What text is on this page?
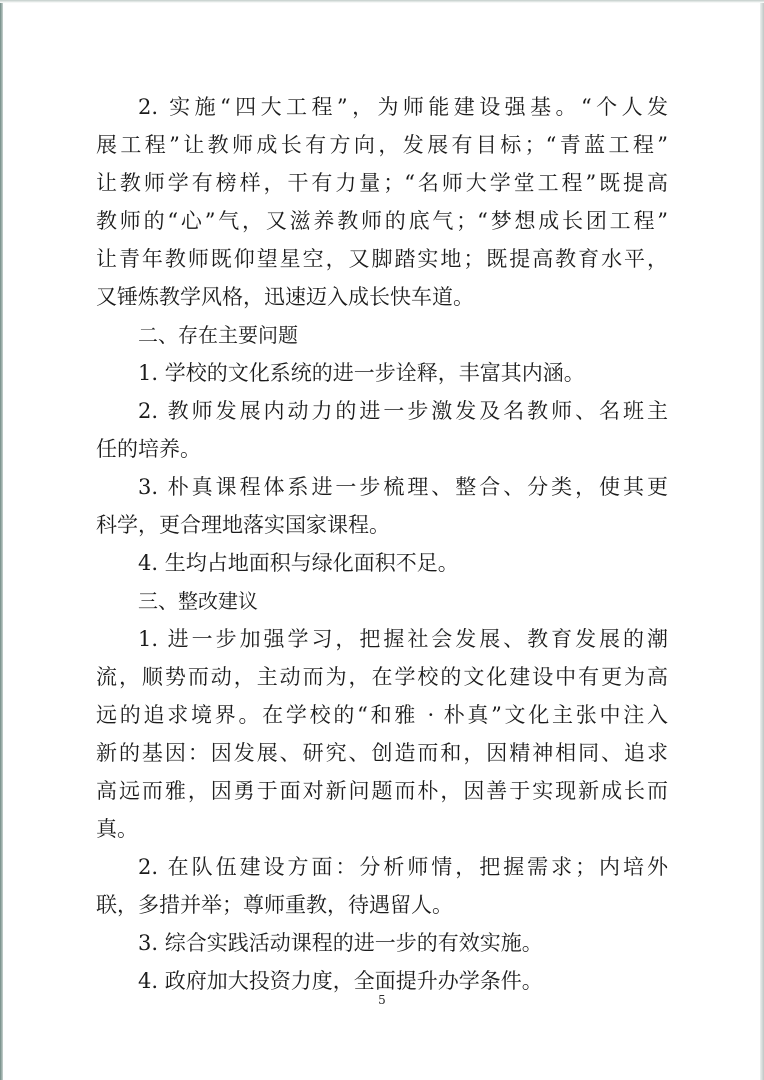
2. 实施“四大工程”，为师能建设强基。“个人发
展工程”让教师成长有方向，发展有目标；“青蓝工程”
让教师学有榜样，干有力量；“名师大学堂工程”既提高
教师的“心”气，又滋养教师的底气；“梦想成长团工程”
让青年教师既仰望星空，又脚踏实地；既提高教育水平，
又锤炼教学风格，迅速迈入成长快车道。
二、存在主要问题
1. 学校的文化系统的进一步诠释，丰富其内涵。
2. 教师发展内动力的进一步激发及名教师、名班主
任的培养。
3. 朴真课程体系进一步梳理、整合、分类，使其更
科学，更合理地落实国家课程。
4. 生均占地面积与绿化面积不足。
三、整改建议
1. 进一步加强学习，把握社会发展、教育发展的潮
流，顺势而动，主动而为，在学校的文化建设中有更为高
远的追求境界。在学校的“和雅 · 朴真”文化主张中注入
新的基因：因发展、研究、创造而和，因精神相同、追求
高远而雅，因勇于面对新问题而朴，因善于实现新成长而
真。
2. 在队伍建设方面：分析师情，把握需求；内培外
联，多措并举；尊师重教，待遇留人。
3. 综合实践活动课程的进一步的有效实施。
4. 政府加大投资力度，全面提升办学条件。
5
